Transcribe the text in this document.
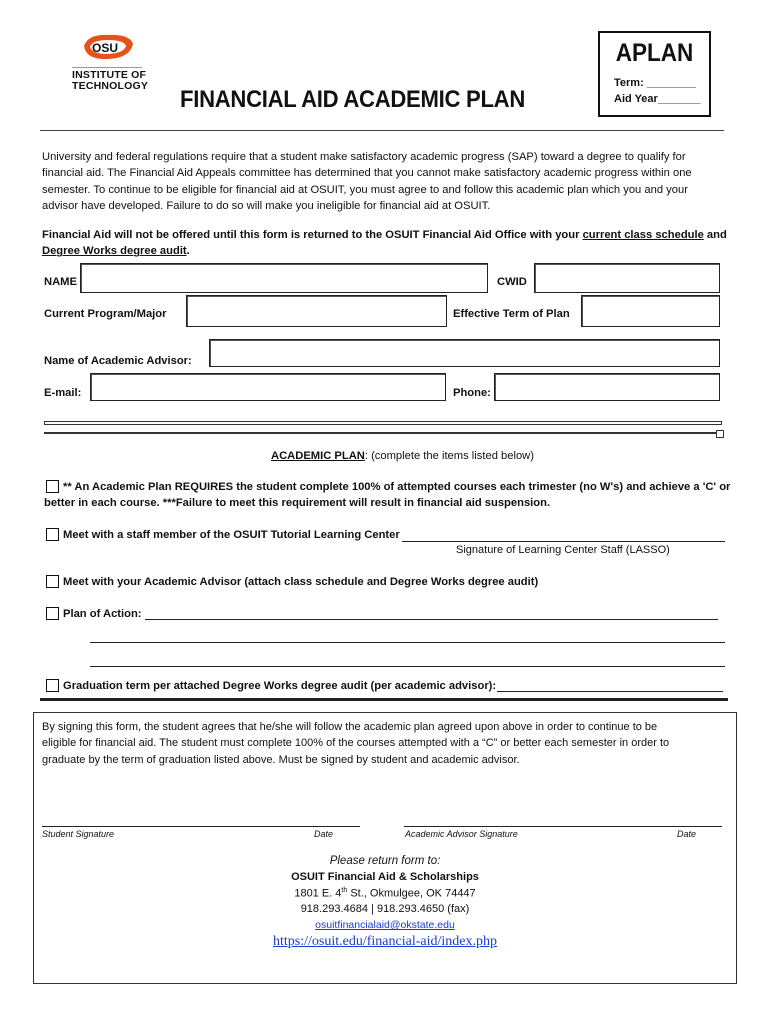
OSU
INSTITUTE OF
TECHNOLOGY FINANCIAL AID ACADEMIC PLAN
APLAN
Term: ________
Aid Year_______
University and federal regulations require that a student make satisfactory academic progress (SAP) toward a degree to qualify for
financial aid. The Financial Aid Appeals committee has determined that you cannot make satisfactory academic progress within one
semester. To continue to be eligible for financial aid at OSUIT, you must agree to and follow this academic plan which you and your
advisor have developed. Failure to do so will make you ineligible for financial aid at OSUIT.
Financial Aid will not be offered until this form is returned to the OSUIT Financial Aid Office with your current class schedule and
Degree Works degree audit.
NAME	CWID
Current Program/Major	Effective Term of Plan
Name of Academic Advisor:
E-mail:	Phone:
ACADEMIC PLAN: (complete the items listed below)
** An Academic Plan REQUIRES the student complete 100% of attempted courses each trimester (no W's) and achieve a 'C' or
better in each course. ***Failure to meet this requirement will result in financial aid suspension.
Meet with a staff member of the OSUIT Tutorial Learning Center
Signature of Learning Center Staff (LASSO)
Meet with your Academic Advisor (attach class schedule and Degree Works degree audit)
Plan of Action:
Graduation term per attached Degree Works degree audit (per academic advisor):
By signing this form, the student agrees that he/she will follow the academic plan agreed upon above in order to continue to be
eligible for financial aid. The student must complete 100% of the courses attempted with a “C” or better each semester in order to
graduate by the term of graduation listed above. Must be signed by student and academic advisor.
Student Signature	Date	Academic Advisor Signature	Date
Please return form to:
OSUIT Financial Aid & Scholarships
1801 E. 4th St., Okmulgee, OK 74447
918.293.4684 | 918.293.4650 (fax)
osuitfinancialaid@okstate.edu
https://osuit.edu/financial-aid/index.php
